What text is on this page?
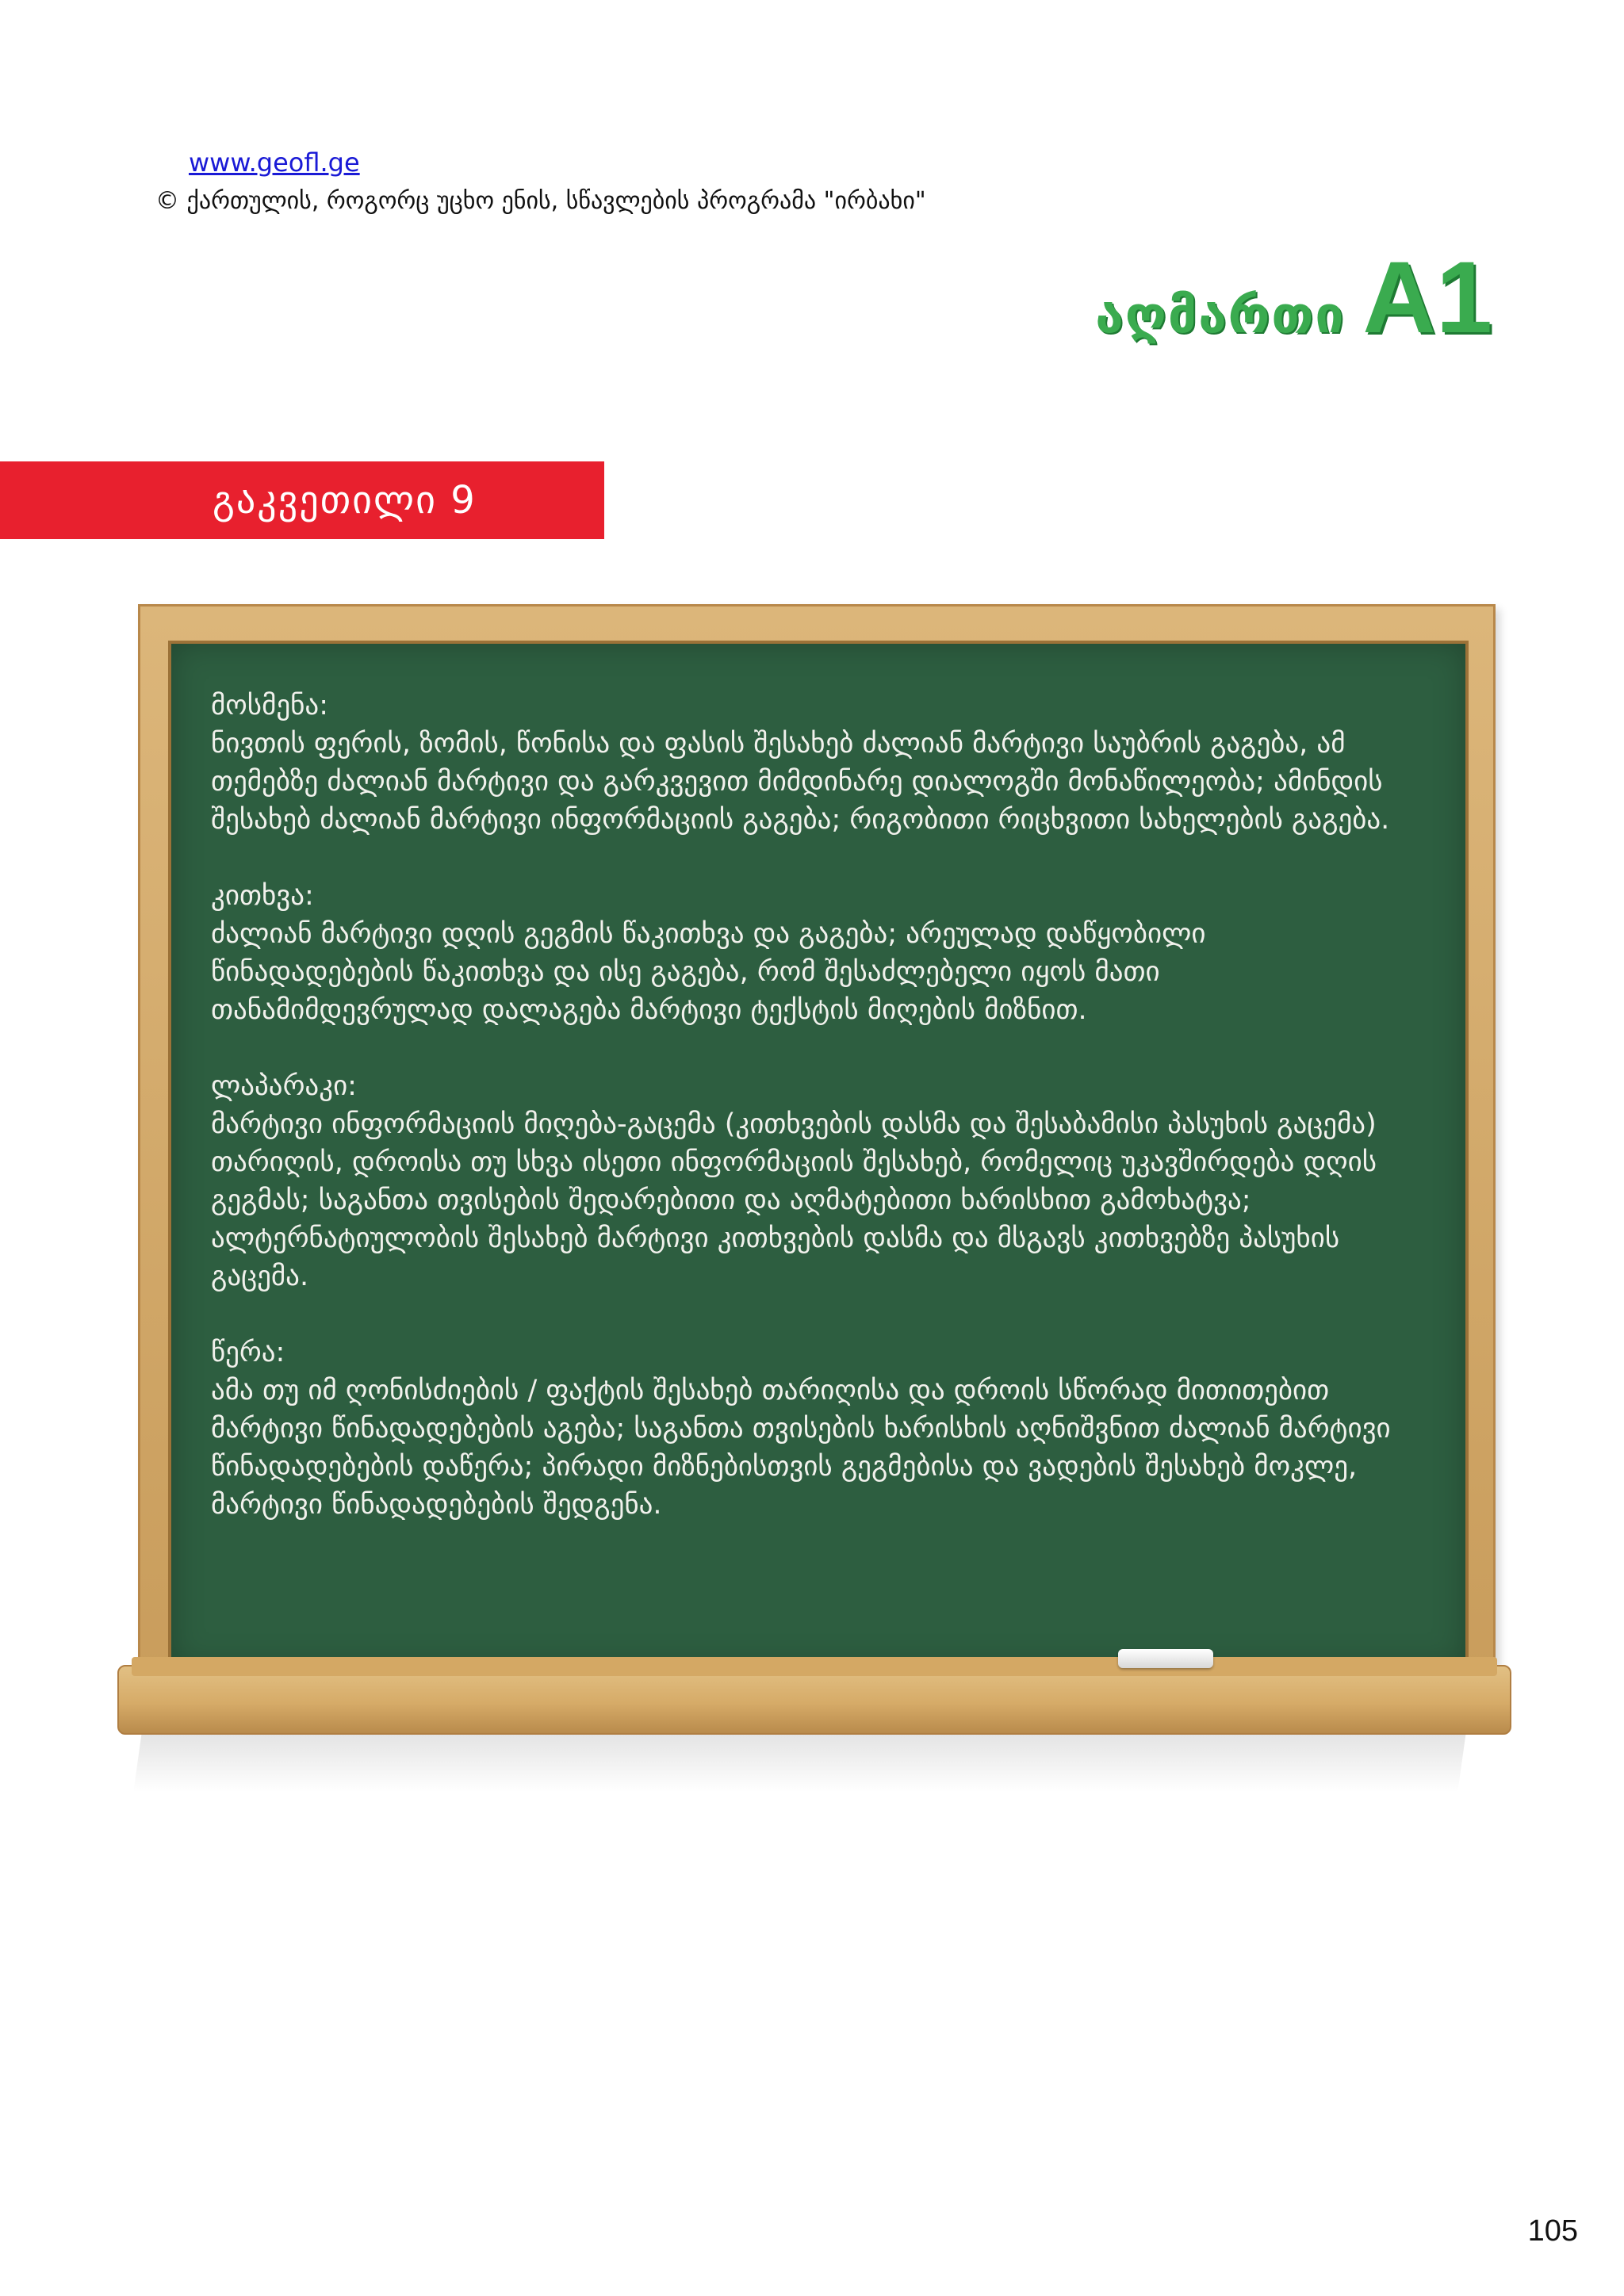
www.geofl.ge
© ქართულის, როგორც უცხო ენის, სწავლების პროგრამა "ირბახი"
აღმართი A1
გაკვეთილი 9
მოსმენა:
ნივთის ფერის, ზომის, წონისა და ფასის შესახებ ძალიან მარტივი საუბრის გაგება, ამ თემებზე ძალიან მარტივი და გარკვევით მიმდინარე დიალოგში მონაწილეობა; ამინდის შესახებ ძალიან მარტივი ინფორმაციის გაგება; რიგობითი რიცხვითი სახელების გაგება.
კითხვა:
ძალიან მარტივი დღის გეგმის წაკითხვა და გაგება; არეულად დაწყობილი წინადადებების წაკითხვა და ისე გაგება, რომ შესაძლებელი იყოს მათი თანამიმდევრულად დალაგება მარტივი ტექსტის მიღების მიზნით.
ლაპარაკი:
მარტივი ინფორმაციის მიღება-გაცემა (კითხვების დასმა და შესაბამისი პასუხის გაცემა) თარიღის, დროისა თუ სხვა ისეთი ინფორმაციის შესახებ, რომელიც უკავშირდება დღის გეგმას; საგანთა თვისების შედარებითი და აღმატებითი ხარისხით გამოხატვა; ალტერნატიულობის შესახებ მარტივი კითხვების დასმა და მსგავს კითხვებზე პასუხის გაცემა.
წერა:
ამა თუ იმ ღონისძიების / ფაქტის შესახებ თარიღისა და დროის სწორად მითითებით მარტივი წინადადებების აგება; საგანთა თვისების ხარისხის აღნიშვნით ძალიან მარტივი წინადადებების დაწერა; პირადი მიზნებისთვის გეგმებისა და ვადების შესახებ მოკლე, მარტივი წინადადებების შედგენა.
105
